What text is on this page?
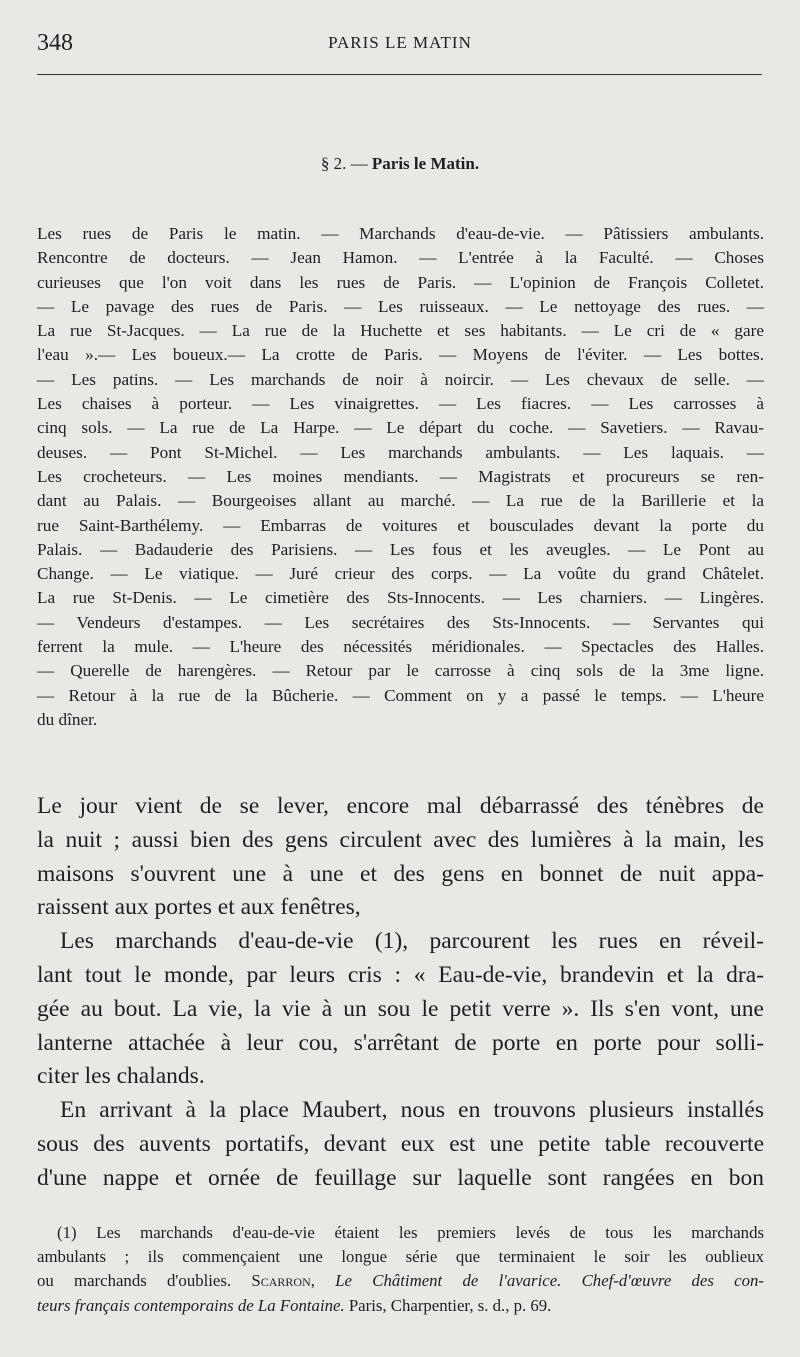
348	PARIS LE MATIN
§ 2. — Paris le Matin.
Les rues de Paris le matin. — Marchands d'eau-de-vie. — Pâtissiers ambulants.
Rencontre de docteurs. — Jean Hamon. — L'entrée à la Faculté. — Choses
curieuses que l'on voit dans les rues de Paris. — L'opinion de François Colletet.
— Le pavage des rues de Paris. — Les ruisseaux. — Le nettoyage des rues. —
La rue St-Jacques. — La rue de la Huchette et ses habitants. — Le cri de « gare
l'eau ».— Les boueux.— La crotte de Paris. — Moyens de l'éviter. — Les bottes.
— Les patins. — Les marchands de noir à noircir. — Les chevaux de selle. —
Les chaises à porteur. — Les vinaigrettes. — Les fiacres. — Les carrosses à
cinq sols. — La rue de La Harpe. — Le départ du coche. — Savetiers. — Ravau-
deuses. — Pont St-Michel. — Les marchands ambulants. — Les laquais. —
Les crocheteurs. — Les moines mendiants. — Magistrats et procureurs se ren-
dant au Palais. — Bourgeoises allant au marché. — La rue de la Barillerie et la
rue Saint-Barthélemy. — Embarras de voitures et bousculades devant la porte du
Palais. — Badauderie des Parisiens. — Les fous et les aveugles. — Le Pont au
Change. — Le viatique. — Juré crieur des corps. — La voûte du grand Châtelet.
La rue St-Denis. — Le cimetière des Sts-Innocents. — Les charniers. — Lingères.
— Vendeurs d'estampes. — Les secrétaires des Sts-Innocents. — Servantes qui
ferrent la mule. — L'heure des nécessités méridionales. — Spectacles des Halles.
— Querelle de harengères. — Retour par le carrosse à cinq sols de la 3me ligne.
— Retour à la rue de la Bûcherie. — Comment on y a passé le temps. — L'heure
du dîner.
Le jour vient de se lever, encore mal débarrassé des ténèbres de
la nuit ; aussi bien des gens circulent avec des lumières à la main, les
maisons s'ouvrent une à une et des gens en bonnet de nuit appa-
raissent aux portes et aux fenêtres,
Les marchands d'eau-de-vie (1), parcourent les rues en réveil-
lant tout le monde, par leurs cris : « Eau-de-vie, brandevin et la dra-
gée au bout. La vie, la vie à un sou le petit verre ». Ils s'en vont, une
lanterne attachée à leur cou, s'arrêtant de porte en porte pour solli-
citer les chalands.
En arrivant à la place Maubert, nous en trouvons plusieurs installés
sous des auvents portatifs, devant eux est une petite table recouverte
d'une nappe et ornée de feuillage sur laquelle sont rangées en bon
(1) Les marchands d'eau-de-vie étaient les premiers levés de tous les marchands
ambulants ; ils commençaient une longue série que terminaient le soir les oublieux
ou marchands d'oublies. Scarron, Le Châtiment de l'avarice. Chef-d'œuvre des con-
teurs français contemporains de La Fontaine. Paris, Charpentier, s. d., p. 69.
